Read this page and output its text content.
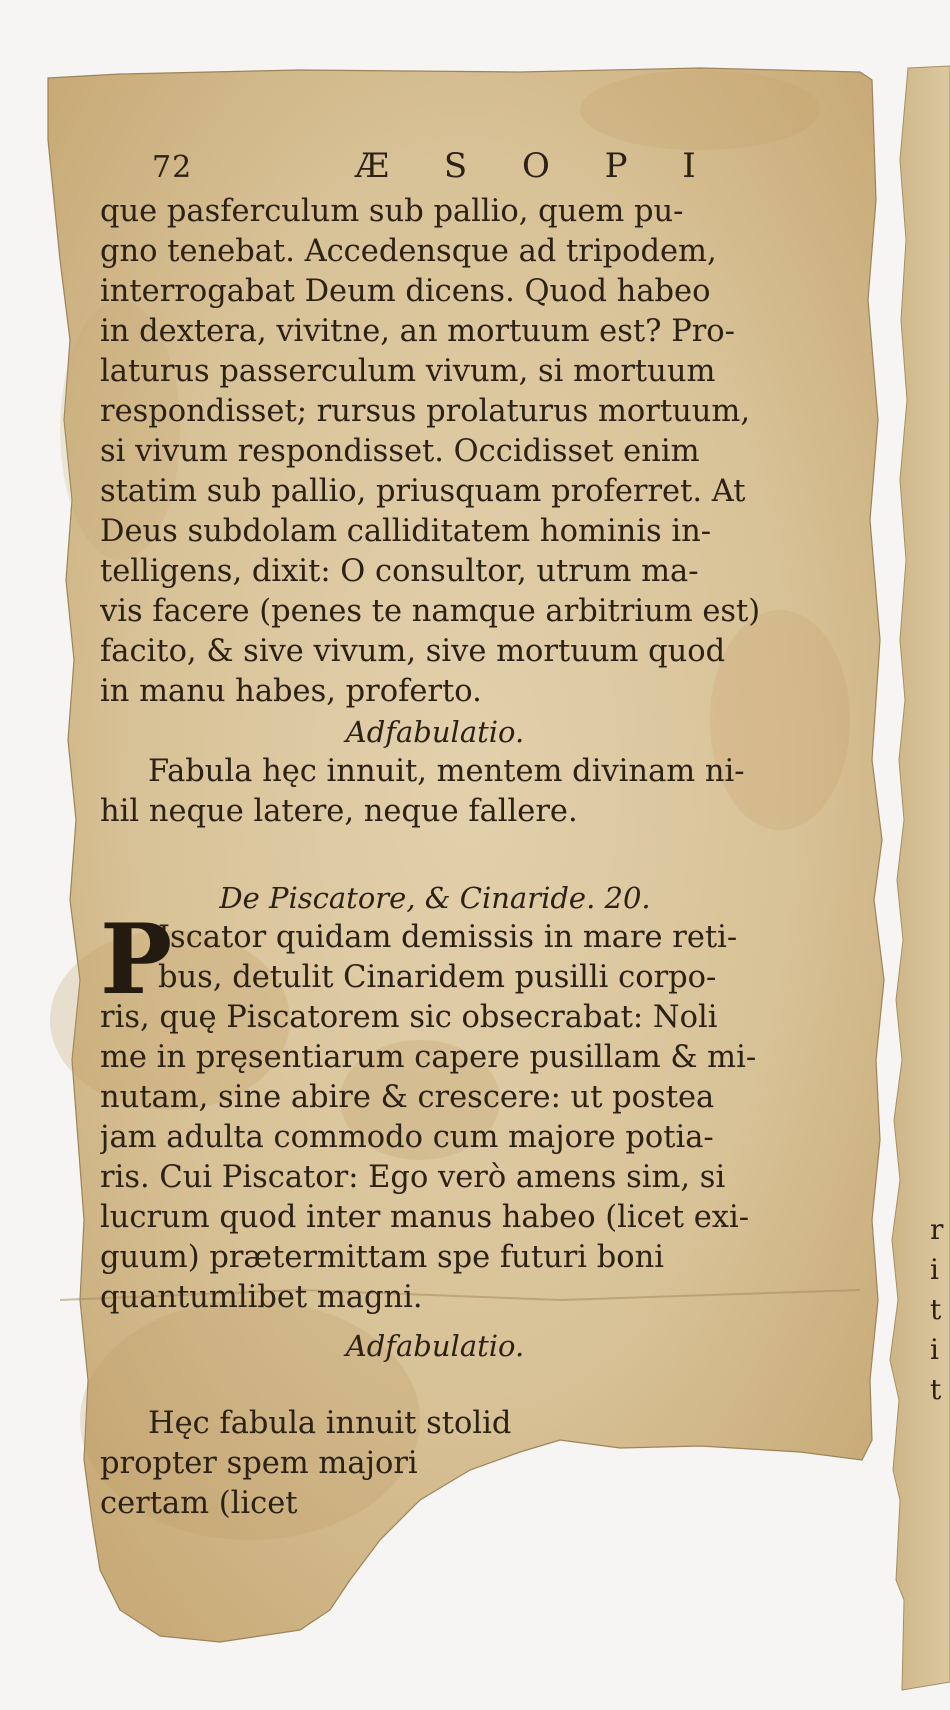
72	Æ S O P I
que pasferculum sub pallio, quem pu-
gno tenebat. Accedensque ad tripodem,
interrogabat Deum dicens. Quod habeo
in dextera, vivitne, an mortuum est? Pro-
laturus passerculum vivum, si mortuum
respondisset; rursus prolaturus mortuum,
si vivum respondisset. Occidisset enim
statim sub pallio, priusquam proferret. At
Deus subdolam calliditatem hominis in-
telligens, dixit: O consultor, utrum ma-
vis facere (penes te namque arbitrium est)
facito, & sive vivum, sive mortuum quod
in manu habes, proferto.
Adfabulatio.
Fabula hęc innuit, mentem divinam ni-
hil neque latere, neque fallere.
De Piscatore, & Cinaride. 20.
P
Iscator quidam demissis in mare reti-
bus, detulit Cinaridem pusilli corpo-
ris, quę Piscatorem sic obsecrabat: Noli
me in pręsentiarum capere pusillam & mi-
nutam, sine abire & crescere: ut postea
jam adulta commodo cum majore potia-
ris. Cui Piscator: Ego verò amens sim, si
lucrum quod inter manus habeo (licet exi-
guum) prætermittam spe futuri boni
quantumlibet magni.
Adfabulatio.
Hęc fabula innuit stolid
propter spem majori
certam (licet
r
i
t
i
t
